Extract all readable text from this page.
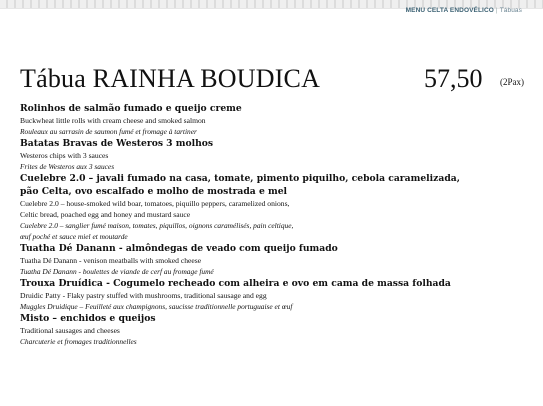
MENU CELTA ENDOVÉLICO | Tábuas
Tábua RAINHA BOUDICA	57,50 (2Pax)
Rolinhos de salmão fumado e queijo creme
Buckwheat little rolls with cream cheese and smoked salmon
Rouleaux au sarrasin de saumon fumé et fromage à tartiner
Batatas Bravas de Westeros 3 molhos
Westeros chips with 3 sauces
Frites de Westeros aux 3 sauces
Cuelebre 2.0 – javali fumado na casa, tomate, pimento piquilho, cebola caramelizada,
pão Celta, ovo escalfado e molho de mostrada e mel
Cuelebre 2.0 – house-smoked wild boar, tomatoes, piquillo peppers, caramelized onions,
Celtic bread, poached egg and honey and mustard sauce
Cuelebre 2.0 – sanglier fumé maison, tomates, piquillos, oignons caramélisés, pain celtique,
œuf poché et sauce miel et moutarde
Tuatha Dé Danann - almôndegas de veado com queijo fumado
Tuatha Dé Danann - venison meatballs with smoked cheese
Tuatha Dé Danann - boulettes de viande de cerf au fromage fumé
Trouxa Druídica - Cogumelo recheado com alheira e ovo em cama de massa folhada
Druidic Patty - Flaky pastry stuffed with mushrooms, traditional sausage and egg
Muggles Druidique – Feuilleté aux champignons, saucisse traditionnelle portuguaise et œuf
Misto – enchidos e queijos
Traditional sausages and cheeses
Charcuterie et fromages traditionnelles
